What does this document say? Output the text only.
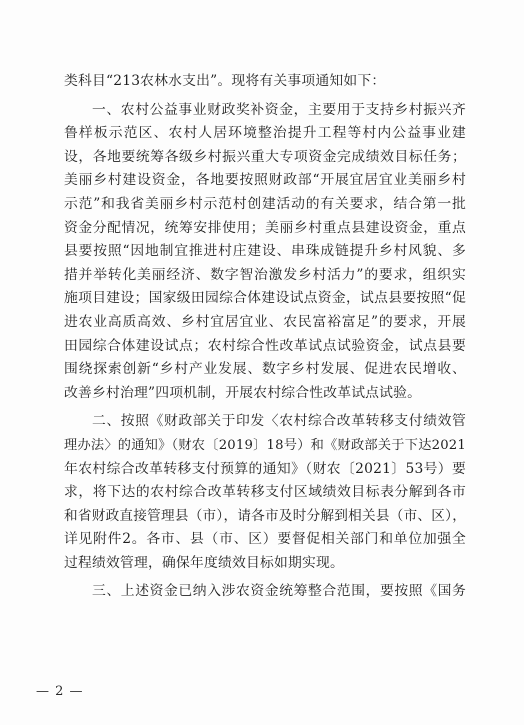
类科目“213农林水支出”。现将有关事项通知如下：
一、农村公益事业财政奖补资金，主要用于支持乡村振兴齐
鲁样板示范区、农村人居环境整治提升工程等村内公益事业建
设，各地要统筹各级乡村振兴重大专项资金完成绩效目标任务；
美丽乡村建设资金，各地要按照财政部“开展宜居宜业美丽乡村
示范”和我省美丽乡村示范村创建活动的有关要求，结合第一批
资金分配情况，统筹安排使用；美丽乡村重点县建设资金，重点
县要按照“因地制宜推进村庄建设、串珠成链提升乡村风貌、多
措并举转化美丽经济、数字智治激发乡村活力”的要求，组织实
施项目建设；国家级田园综合体建设试点资金，试点县要按照“促
进农业高质高效、乡村宜居宜业、农民富裕富足”的要求，开展
田园综合体建设试点；农村综合性改革试点试验资金，试点县要
围绕探索创新“乡村产业发展、数字乡村发展、促进农民增收、
改善乡村治理”四项机制，开展农村综合性改革试点试验。
二、按照《财政部关于印发〈农村综合改革转移支付绩效管
理办法〉的通知》（财农〔2019〕18号）和《财政部关于下达2021
年农村综合改革转移支付预算的通知》（财农〔2021〕53号）要
求，将下达的农村综合改革转移支付区域绩效目标表分解到各市
和省财政直接管理县（市），请各市及时分解到相关县（市、区），
详见附件2。各市、县（市、区）要督促相关部门和单位加强全
过程绩效管理，确保年度绩效目标如期实现。
三、上述资金已纳入涉农资金统筹整合范围，要按照《国务
— 2 —
